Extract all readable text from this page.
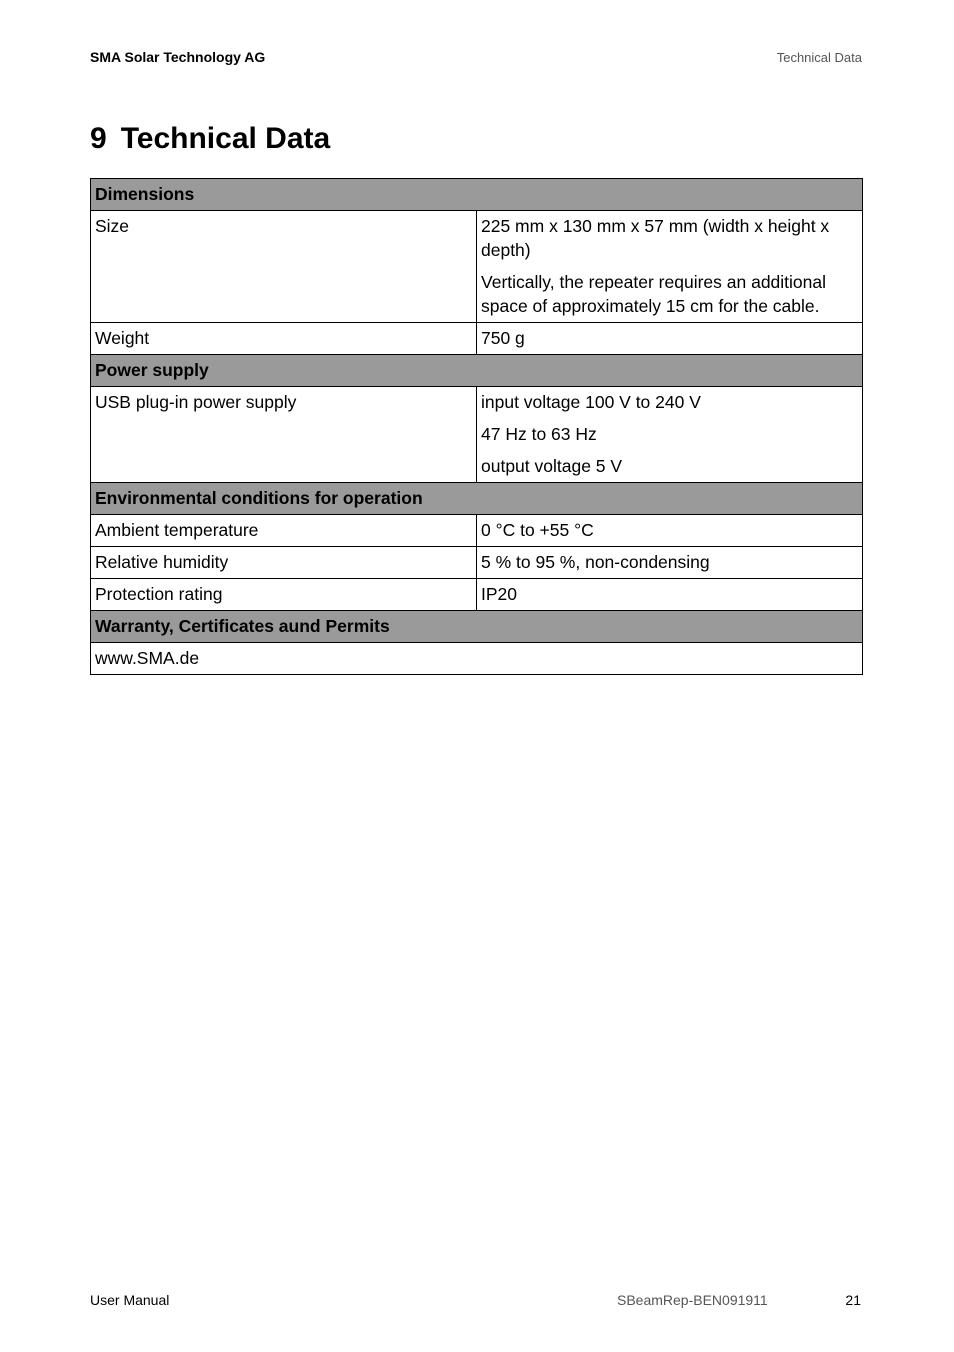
SMA Solar Technology AG	Technical Data
9 Technical Data
Dimensions	
Size	225 mm x 130 mm x 57 mm (width x height x depth)
Vertically, the repeater requires an additional space of approximately 15 cm for the cable.

Weight	750 g
Power supply	
USB plug-in power supply	input voltage 100 V to 240 V
47 Hz to 63 Hz
output voltage 5 V

Environmental conditions for operation	
Ambient temperature	0 °C to +55 °C
Relative humidity	5 % to 95 %, non-condensing
Protection rating	IP20
Warranty, Certificates aund Permits	
www.SMA.de	
User Manual	SBeamRep-BEN091911	21
